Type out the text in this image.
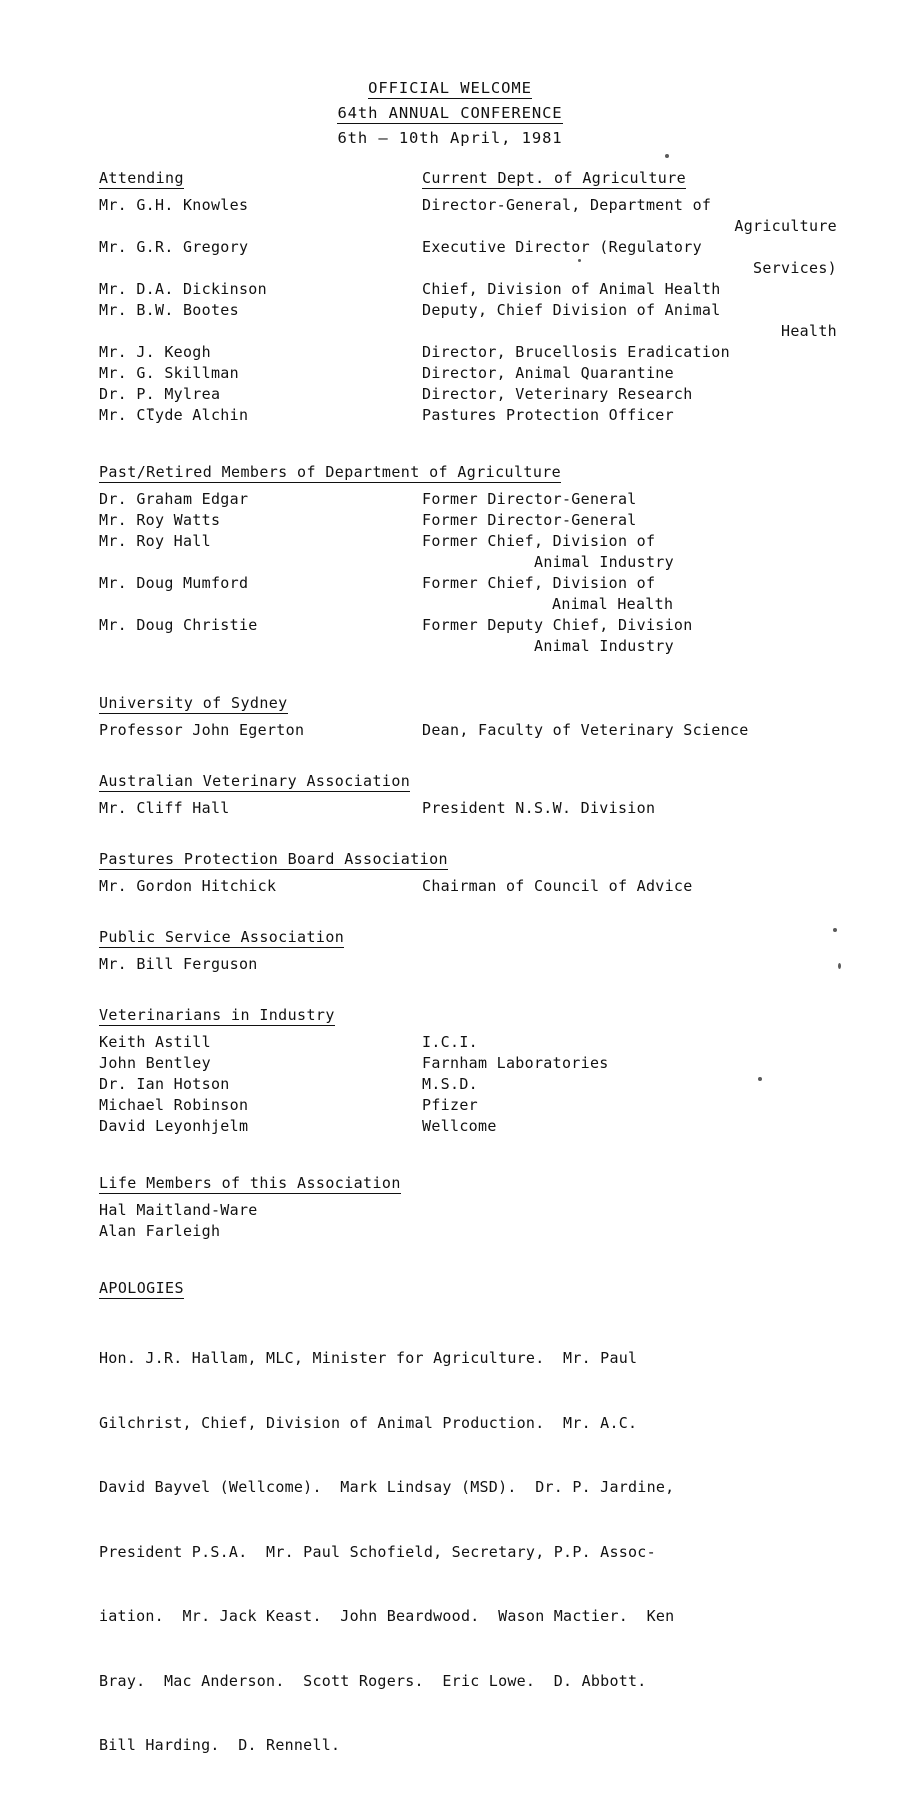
OFFICIAL WELCOME
64th ANNUAL CONFERENCE
6th – 10th April, 1981
Attending	Current Dept. of Agriculture
Mr. G.H. Knowles	Director-General, Department of
Agriculture
Mr. G.R. Gregory	Executive Director (Regulatory
Services)
Mr. D.A. Dickinson	Chief, Division of Animal Health
Mr. B.W. Bootes	Deputy, Chief Division of Animal
Health
Mr. J. Keogh	Director, Brucellosis Eradication
Mr. G. Skillman	Director, Animal Quarantine
Dr. P. Mylrea	Director, Veterinary Research
Mr. Clyde Alchin	Pastures Protection Officer
Past/Retired Members of Department of Agriculture
Dr. Graham Edgar	Former Director-General
Mr. Roy Watts	Former Director-General
Mr. Roy Hall	Former Chief, Division of
Animal Industry
Mr. Doug Mumford	Former Chief, Division of
Animal Health
Mr. Doug Christie	Former Deputy Chief, Division
Animal Industry
University of Sydney
Professor John Egerton	Dean, Faculty of Veterinary Science
Australian Veterinary Association
Mr. Cliff Hall	President N.S.W. Division
Pastures Protection Board Association
Mr. Gordon Hitchick	Chairman of Council of Advice
Public Service Association
Mr. Bill Ferguson
Veterinarians in Industry
Keith Astill	I.C.I.
John Bentley	Farnham Laboratories
Dr. Ian Hotson	M.S.D.
Michael Robinson	Pfizer
David Leyonhjelm	Wellcome
Life Members of this Association
Hal Maitland-Ware
Alan Farleigh
APOLOGIES

Hon. J.R. Hallam, MLC, Minister for Agriculture.  Mr. Paul

Gilchrist, Chief, Division of Animal Production.  Mr. A.C.

David Bayvel (Wellcome).  Mark Lindsay (MSD).  Dr. P. Jardine,

President P.S.A.  Mr. Paul Schofield, Secretary, P.P. Assoc-

iation.  Mr. Jack Keast.  John Beardwood.  Wason Mactier.  Ken

Bray.  Mac Anderson.  Scott Rogers.  Eric Lowe.  D. Abbott.

Bill Harding.  D. Rennell.
